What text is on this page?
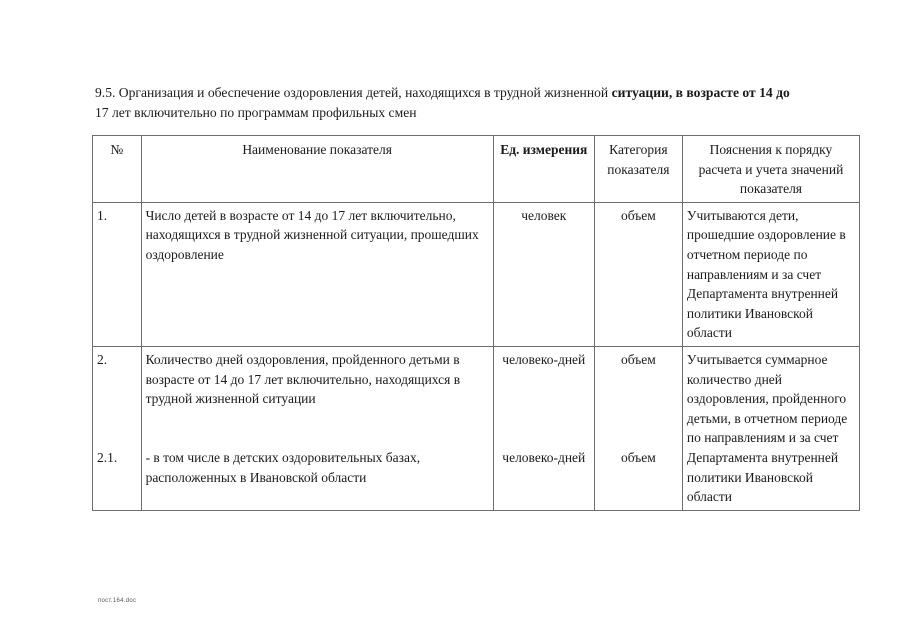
9.5. Организация и обеспечение оздоровления детей, находящихся в трудной жизненной ситуации, в возрасте от 14 до
17 лет включительно по программам профильных смен
№	Наименование показателя	Ед. измерения	Категория показателя	Пояснения к порядку расчета и учета значений показателя
1.	Число детей в возрасте от 14 до 17 лет включительно, находящихся в трудной жизненной ситуации, прошедших оздоровление	человек	объем	Учитываются дети, прошедшие оздоровление в отчетном периоде по направлениям и за счет Департамента внутренней политики Ивановской области
2.	Количество дней оздоровления, пройденного детьми в возрасте от 14 до 17 лет включительно, находящихся в трудной жизненной ситуации	человеко-дней	объем	Учитывается суммарное количество дней оздоровления, пройденного детьми, в отчетном периоде по направлениям и за счет Департамента внутренней политики Ивановской области
2.1.	- в том числе в детских оздоровительных базах, расположенных в Ивановской области	человеко-дней	объем	
пост.164.doc
